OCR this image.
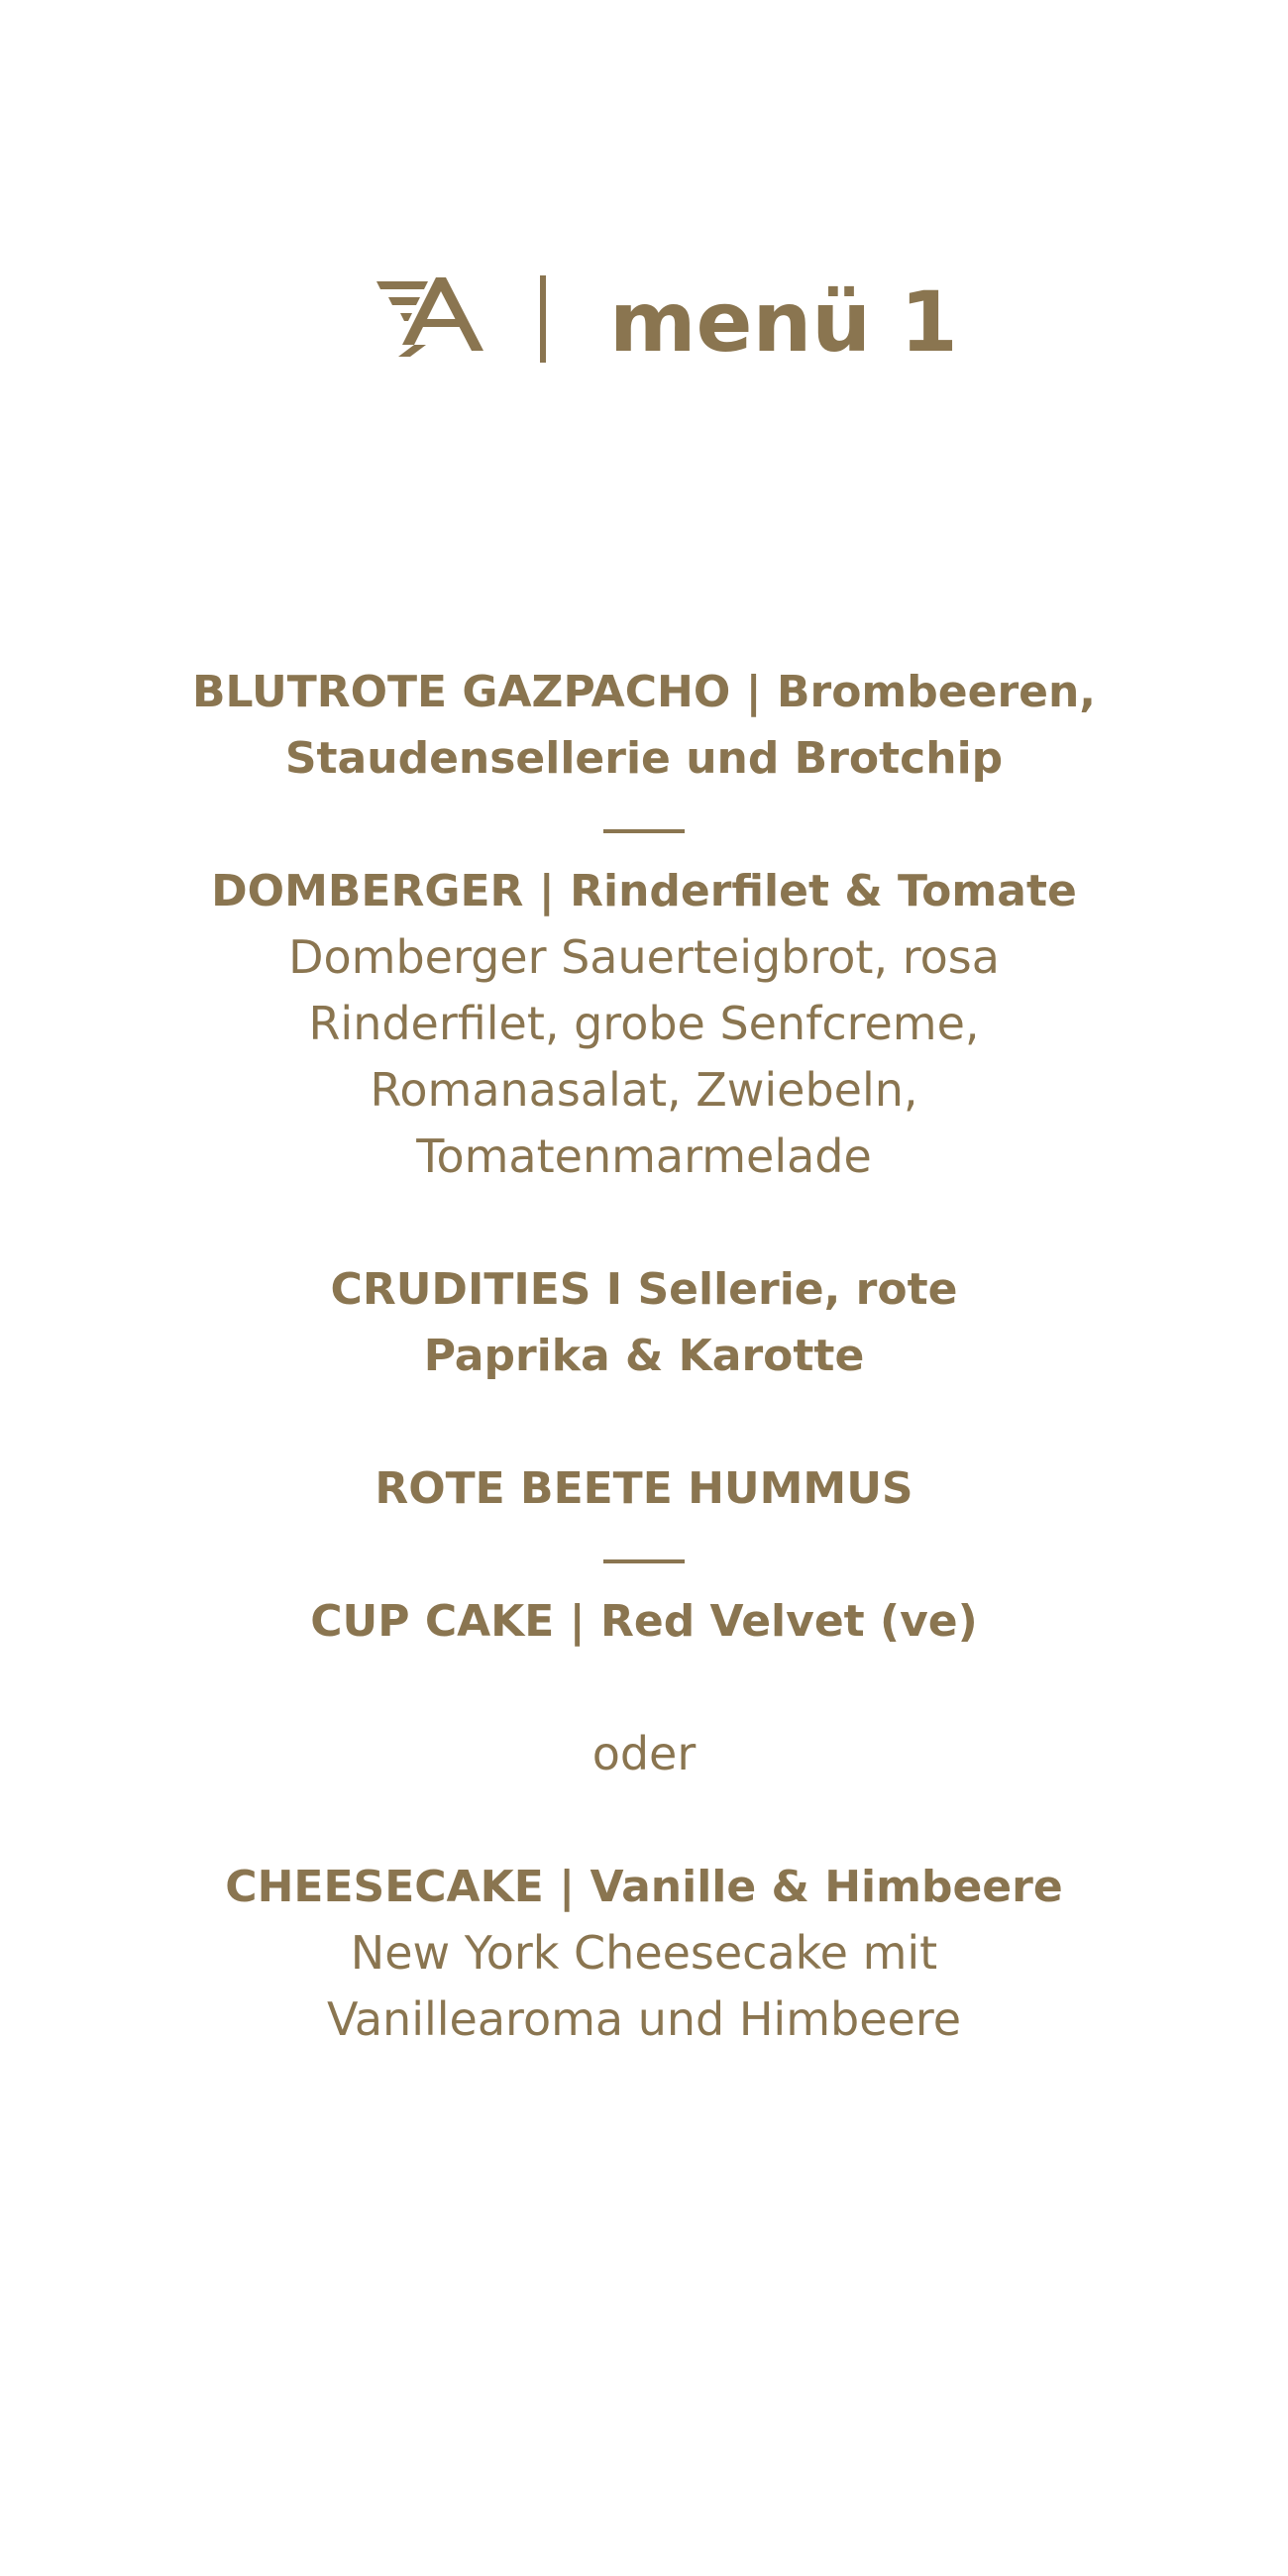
menü 1
BLUTROTE GAZPACHO | Brombeeren,
Staudensellerie und Brotchip
DOMBERGER | Rinderfilet & Tomate
Domberger Sauerteigbrot, rosa
Rinderfilet, grobe Senfcreme,
Romanasalat, Zwiebeln,
Tomatenmarmelade
CRUDITIES I Sellerie, rote
Paprika & Karotte
ROTE BEETE HUMMUS
CUP CAKE | Red Velvet (ve)
oder
CHEESECAKE | Vanille & Himbeere
New York Cheesecake mit
Vanillearoma und Himbeere
